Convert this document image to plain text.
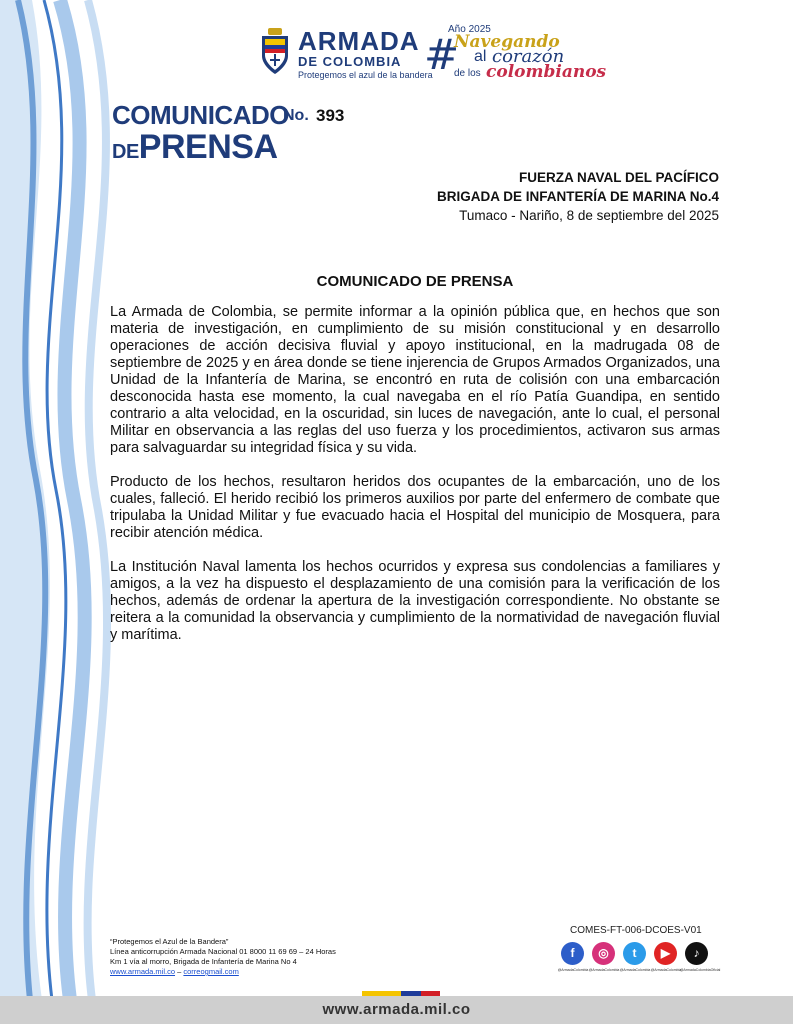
ARMADA
DE COLOMBIA
Protegemos el azul de la bandera
#
Año 2025
Navegando
al corazón
de los colombianos
COMUNICADO
DEPRENSA
No. 393
FUERZA NAVAL DEL PACÍFICO
BRIGADA DE INFANTERÍA DE MARINA No.4
Tumaco - Nariño, 8 de septiembre del 2025
COMUNICADO DE PRENSA

La Armada de Colombia, se permite informar a la opinión pública que, en hechos que son materia de investigación, en cumplimiento de su misión constitucional y en desarrollo operaciones de acción decisiva fluvial y apoyo institucional, en la madrugada 08 de septiembre de 2025 y en área donde se tiene injerencia de Grupos Armados Organizados, una Unidad de la Infantería de Marina, se encontró en ruta de colisión con una embarcación desconocida hasta ese momento, la cual navegaba en el río Patía Guandipa, en sentido contrario a alta velocidad, en la oscuridad, sin luces de navegación, ante lo cual, el personal Militar en observancia a las reglas del uso fuerza y los procedimientos, activaron sus armas para salvaguardar su integridad física y su vida.

Producto de los hechos, resultaron heridos dos ocupantes de la embarcación, uno de los cuales, falleció. El herido recibió los primeros auxilios por parte del enfermero de combate que tripulaba la Unidad Militar y fue evacuado hacia el Hospital del municipio de Mosquera, para recibir atención médica.

La Institución Naval lamenta los hechos ocurridos y expresa sus condolencias a familiares y amigos, a la vez ha dispuesto el desplazamiento de una comisión para la verificación de los hechos, además de ordenar la apertura de la investigación correspondiente. No obstante se reitera a la comunidad la observancia y cumplimiento de la normatividad de navegación fluvial y marítima.

“Protegemos el Azul de la Bandera”
Línea anticorrupción Armada Nacional 01 8000 11 69 69 – 24 Horas
Km 1 vía al morro, Brigada de Infantería de Marina No 4
www.armada.mil.co – correogmail.com
COMES-FT-006-DCOES-V01
f	◎	t	▶	♪
@ArmadaColombia @ArmadaColombia @ArmadaColombia @ArmadaColombia
@ArmadaColombiaOficial
www.armada.mil.co
